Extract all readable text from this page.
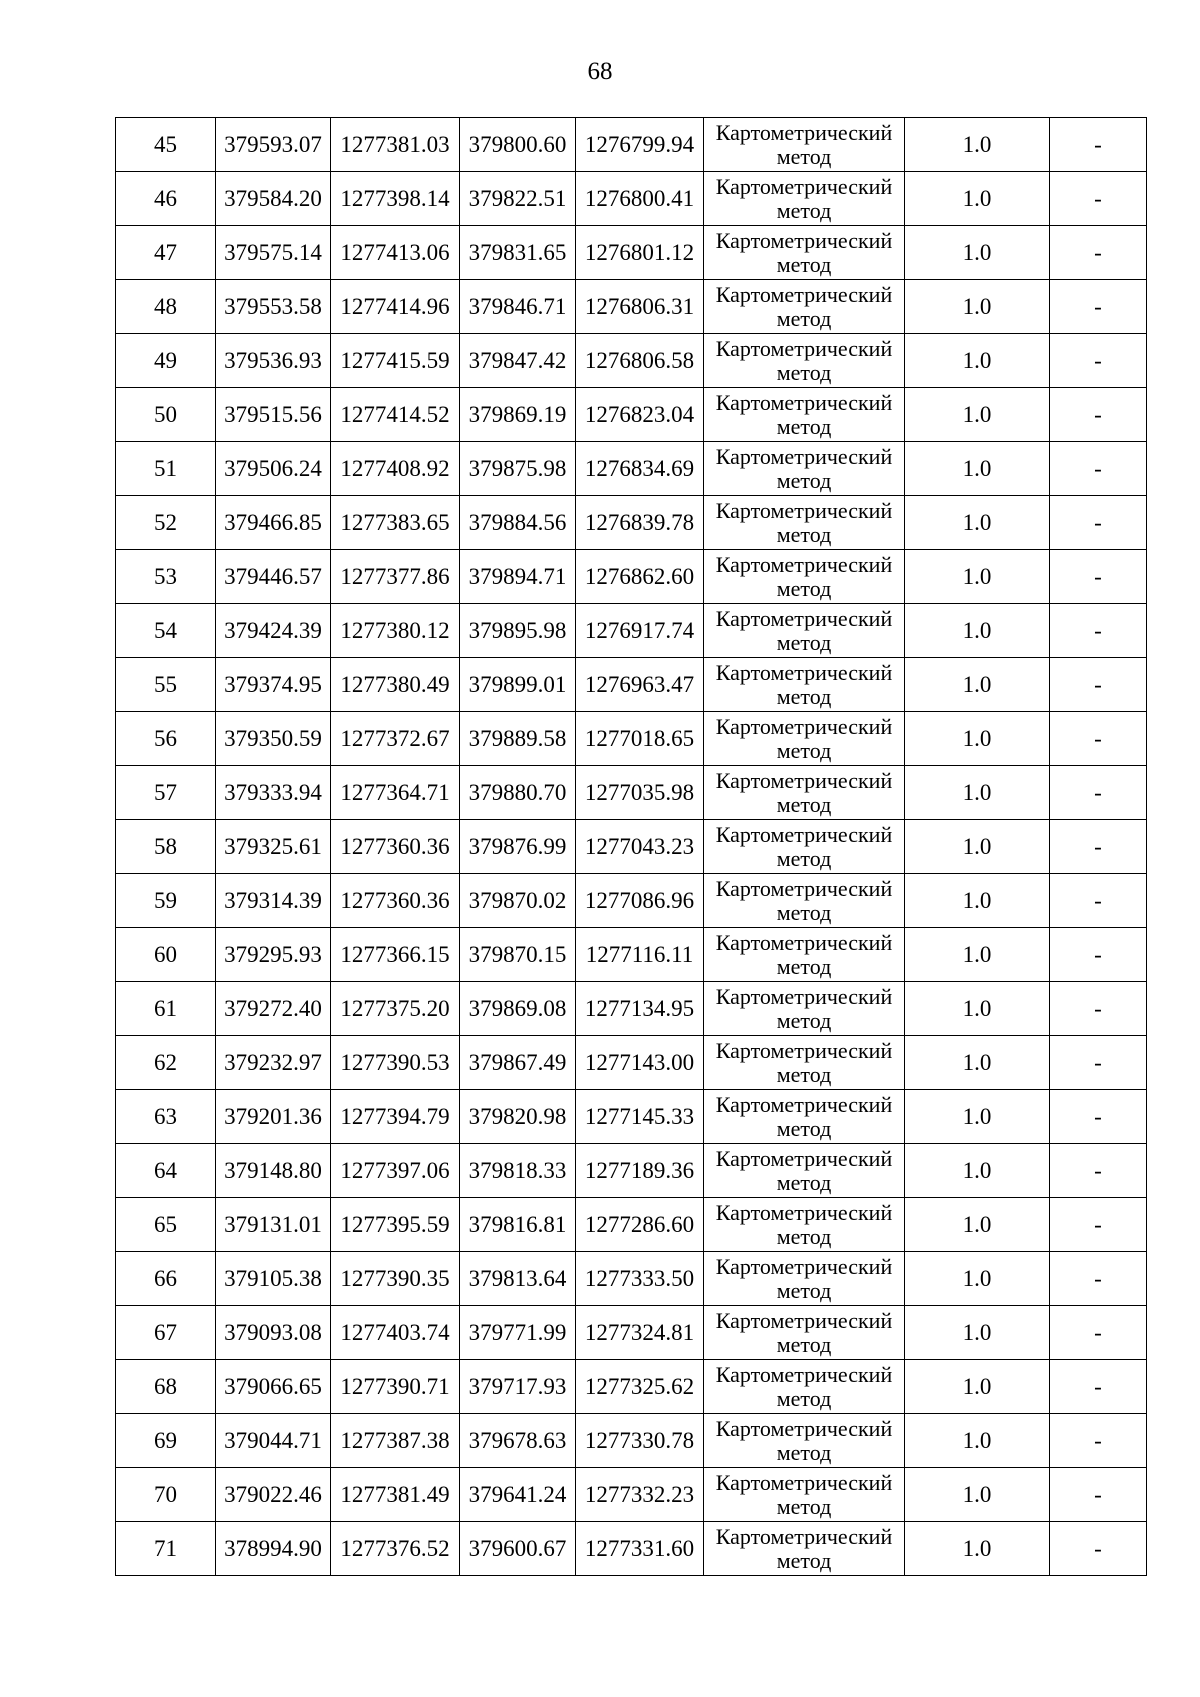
68
45	379593.07	1277381.03	379800.60	1276799.94	Картометрический
метод	1.0	-
46	379584.20	1277398.14	379822.51	1276800.41	Картометрический
метод	1.0	-
47	379575.14	1277413.06	379831.65	1276801.12	Картометрический
метод	1.0	-
48	379553.58	1277414.96	379846.71	1276806.31	Картометрический
метод	1.0	-
49	379536.93	1277415.59	379847.42	1276806.58	Картометрический
метод	1.0	-
50	379515.56	1277414.52	379869.19	1276823.04	Картометрический
метод	1.0	-
51	379506.24	1277408.92	379875.98	1276834.69	Картометрический
метод	1.0	-
52	379466.85	1277383.65	379884.56	1276839.78	Картометрический
метод	1.0	-
53	379446.57	1277377.86	379894.71	1276862.60	Картометрический
метод	1.0	-
54	379424.39	1277380.12	379895.98	1276917.74	Картометрический
метод	1.0	-
55	379374.95	1277380.49	379899.01	1276963.47	Картометрический
метод	1.0	-
56	379350.59	1277372.67	379889.58	1277018.65	Картометрический
метод	1.0	-
57	379333.94	1277364.71	379880.70	1277035.98	Картометрический
метод	1.0	-
58	379325.61	1277360.36	379876.99	1277043.23	Картометрический
метод	1.0	-
59	379314.39	1277360.36	379870.02	1277086.96	Картометрический
метод	1.0	-
60	379295.93	1277366.15	379870.15	1277116.11	Картометрический
метод	1.0	-
61	379272.40	1277375.20	379869.08	1277134.95	Картометрический
метод	1.0	-
62	379232.97	1277390.53	379867.49	1277143.00	Картометрический
метод	1.0	-
63	379201.36	1277394.79	379820.98	1277145.33	Картометрический
метод	1.0	-
64	379148.80	1277397.06	379818.33	1277189.36	Картометрический
метод	1.0	-
65	379131.01	1277395.59	379816.81	1277286.60	Картометрический
метод	1.0	-
66	379105.38	1277390.35	379813.64	1277333.50	Картометрический
метод	1.0	-
67	379093.08	1277403.74	379771.99	1277324.81	Картометрический
метод	1.0	-
68	379066.65	1277390.71	379717.93	1277325.62	Картометрический
метод	1.0	-
69	379044.71	1277387.38	379678.63	1277330.78	Картометрический
метод	1.0	-
70	379022.46	1277381.49	379641.24	1277332.23	Картометрический
метод	1.0	-
71	378994.90	1277376.52	379600.67	1277331.60	Картометрический
метод	1.0	-
